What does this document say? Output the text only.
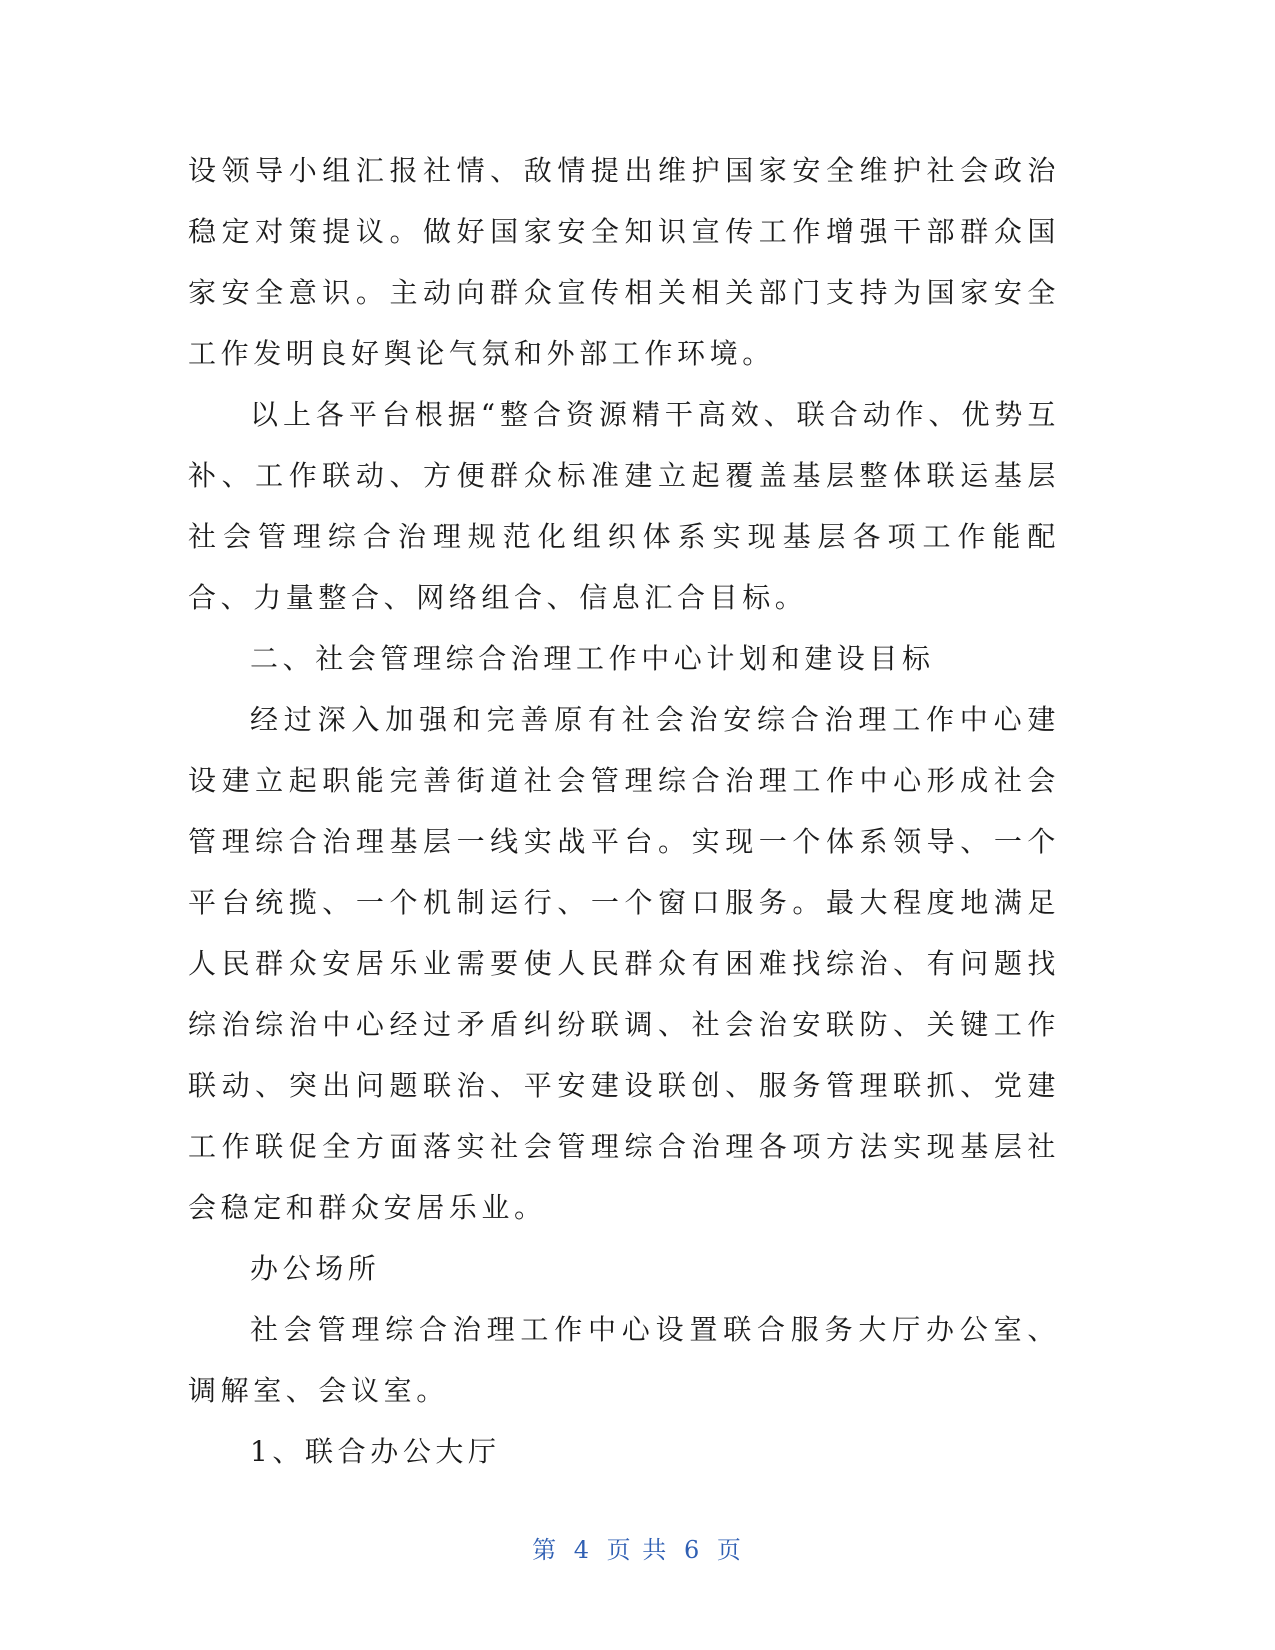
设领导小组汇报社情、敌情提出维护国家安全维护社会政治稳定对策提议。做好国家安全知识宣传工作增强干部群众国家安全意识。主动向群众宣传相关相关部门支持为国家安全工作发明良好舆论气氛和外部工作环境。

以上各平台根据“整合资源精干高效、联合动作、优势互补、工作联动、方便群众标准建立起覆盖基层整体联运基层社会管理综合治理规范化组织体系实现基层各项工作能配合、力量整合、网络组合、信息汇合目标。

二、社会管理综合治理工作中心计划和建设目标

经过深入加强和完善原有社会治安综合治理工作中心建设建立起职能完善街道社会管理综合治理工作中心形成社会管理综合治理基层一线实战平台。实现一个体系领导、一个平台统揽、一个机制运行、一个窗口服务。最大程度地满足人民群众安居乐业需要使人民群众有困难找综治、有问题找综治综治中心经过矛盾纠纷联调、社会治安联防、关键工作联动、突出问题联治、平安建设联创、服务管理联抓、党建工作联促全方面落实社会管理综合治理各项方法实现基层社会稳定和群众安居乐业。

办公场所

社会管理综合治理工作中心设置联合服务大厅办公室、调解室、会议室。

1、联合办公大厅

第 4 页 共 6 页
